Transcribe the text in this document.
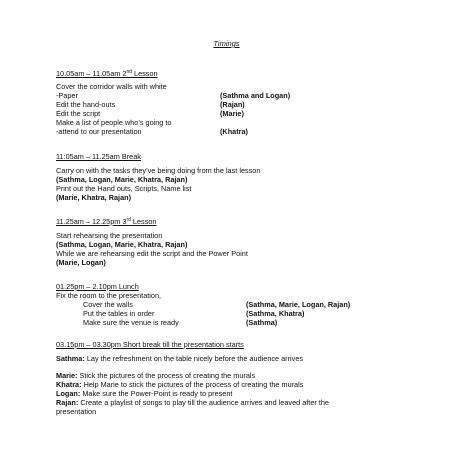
Timings
10.05am – 11.05am 2nd Lesson
Cover the corridor walls with white
-Paper	(Sathma and Logan)
Edit the hand-outs	(Rajan)
Edit the script	(Marie)
Make a list of people who’s going to
-attend to our presentation	(Khatra)
11:05am – 11.25am Break
Carry on with the tasks they’ve being doing from the last lesson
(Sathma, Logan, Marie, Khatra, Rajan)
Print out the Hand outs, Scripts, Name list
(Marie, Khatra, Rajan)
11.25am – 12.25pm 3rd Lesson
Start rehearsing the presentation
(Sathma, Logan, Marie, Khatra, Rajan)
While we are rehearsing edit the script and the Power Point
(Marie, Logan)
01.25pm – 2.10pm Lunch
Fix the room to the presentation,
Cover the walls	(Sathma, Marie, Logan, Rajan)
Put the tables in order	(Sathma, Khatra)
Make sure the venue is ready	(Sathma)
03.15pm – 03.30pm Short break till the presentation starts
Sathma: Lay the refreshment on the table nicely before the audience arrives
Marie: Stick the pictures of the process of creating the murals
Khatra: Help Marie to stick the pictures of the process of creating the murals
Logan: Make sure the Power-Point is ready to present
Rajan: Create a playlist of songs to play till the audience arrives and leaved after the
presentation
